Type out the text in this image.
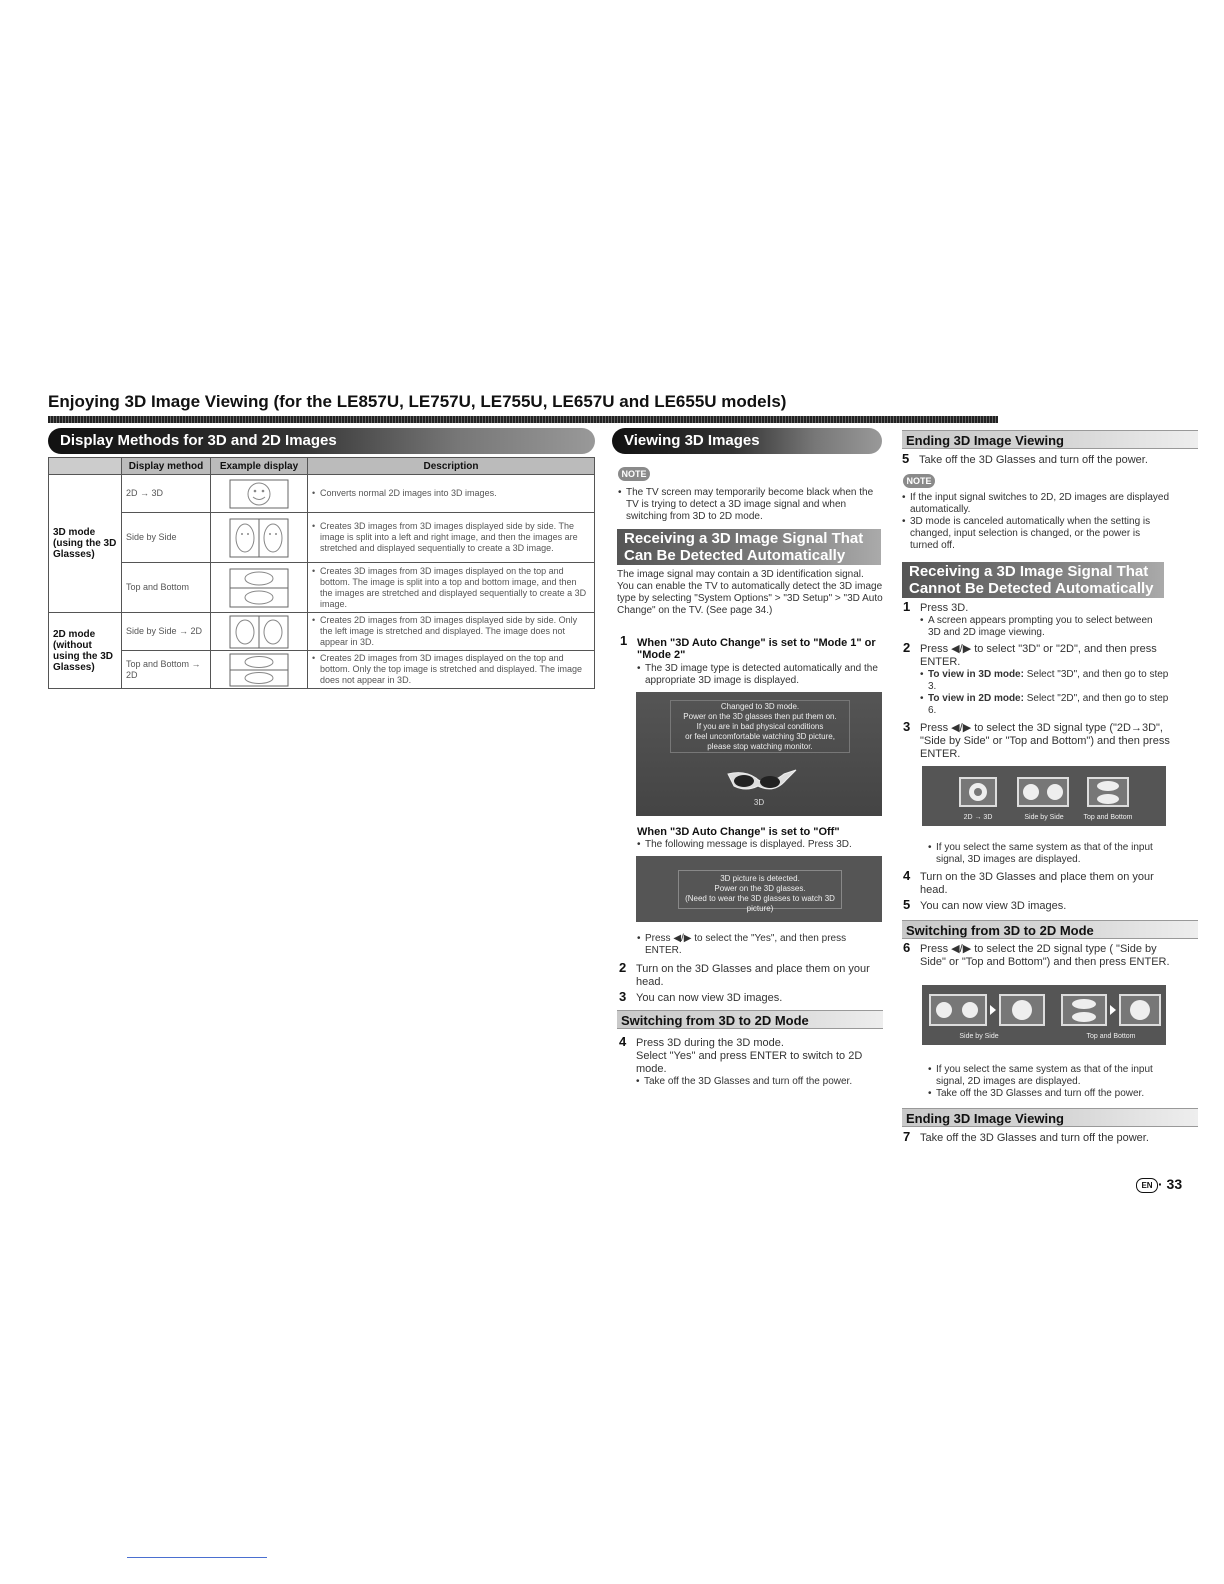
Enjoying 3D Image Viewing (for the LE857U, LE757U, LE755U, LE657U and LE655U models)
Display Methods for 3D and 2D Images
	Display method	Example display	Description
3D mode (using the 3D Glasses)	2D → 3D		• Converts normal 2D images into 3D images.

	Side by Side		• Creates 3D images from 3D images displayed side by side. The image is split into a left and right image, and then the images are stretched and displayed sequentially to create a 3D image.

	Top and Bottom		• Creates 3D images from 3D images displayed on the top and bottom. The image is split into a top and bottom image, and then the images are stretched and displayed sequentially to create a 3D image.

2D mode (without using the 3D Glasses)	Side by Side → 2D		• Creates 2D images from 3D images displayed side by side. Only the left image is stretched and displayed. The image does not appear in 3D.

	Top and Bottom → 2D		• Creates 2D images from 3D images displayed on the top and bottom. Only the top image is stretched and displayed. The image does not appear in 3D.
Viewing 3D Images
NOTE
• The TV screen may temporarily become black when the TV is trying to detect a 3D image signal and when switching from 3D to 2D mode.
Receiving a 3D Image Signal That Can Be Detected Automatically
The image signal may contain a 3D identification signal. You can enable the TV to automatically detect the 3D image type by selecting "System Options" > "3D Setup" > "3D Auto Change" on the TV. (See page 34.)
1 When "3D Auto Change" is set to "Mode 1" or "Mode 2"
• The 3D image type is detected automatically and the appropriate 3D image is displayed.
Changed to 3D mode.
Power on the 3D glasses then put them on.
If you are in bad physical conditions
or feel uncomfortable watching 3D picture,
please stop watching monitor.
3D
When "3D Auto Change" is set to "Off"
• The following message is displayed. Press 3D.
3D picture is detected.
Power on the 3D glasses.
(Need to wear the 3D glasses to watch 3D picture)
• Press ◀/▶ to select the "Yes", and then press ENTER.
2 Turn on the 3D Glasses and place them on your head.
3 You can now view 3D images.
Switching from 3D to 2D Mode
4 Press 3D during the 3D mode.
Select "Yes" and press ENTER to switch to 2D mode.
• Take off the 3D Glasses and turn off the power.
Ending 3D Image Viewing
5 Take off the 3D Glasses and turn off the power.
NOTE
• If the input signal switches to 2D, 2D images are displayed automatically.
• 3D mode is canceled automatically when the setting is changed, input selection is changed, or the power is turned off.
Receiving a 3D Image Signal That Cannot Be Detected Automatically
1 Press 3D.
• A screen appears prompting you to select between 3D and 2D image viewing.
2 Press ◀/▶ to select "3D" or "2D", and then press ENTER.
• To view in 3D mode: Select "3D", and then go to step 3.
• To view in 2D mode: Select "2D", and then go to step 6.
3 Press ◀/▶ to select the 3D signal type ("2D→3D", "Side by Side" or "Top and Bottom") and then press ENTER.
2D → 3D	Side by Side	Top and Bottom
• If you select the same system as that of the input signal, 3D images are displayed.
4 Turn on the 3D Glasses and place them on your head.
5 You can now view 3D images.
Switching from 3D to 2D Mode
6 Press ◀/▶ to select the 2D signal type ( "Side by Side" or "Top and Bottom") and then press ENTER.
Side by Side	Top and Bottom
• If you select the same system as that of the input signal, 2D images are displayed.
• Take off the 3D Glasses and turn off the power.
Ending 3D Image Viewing
7 Take off the 3D Glasses and turn off the power.
EN · 33
